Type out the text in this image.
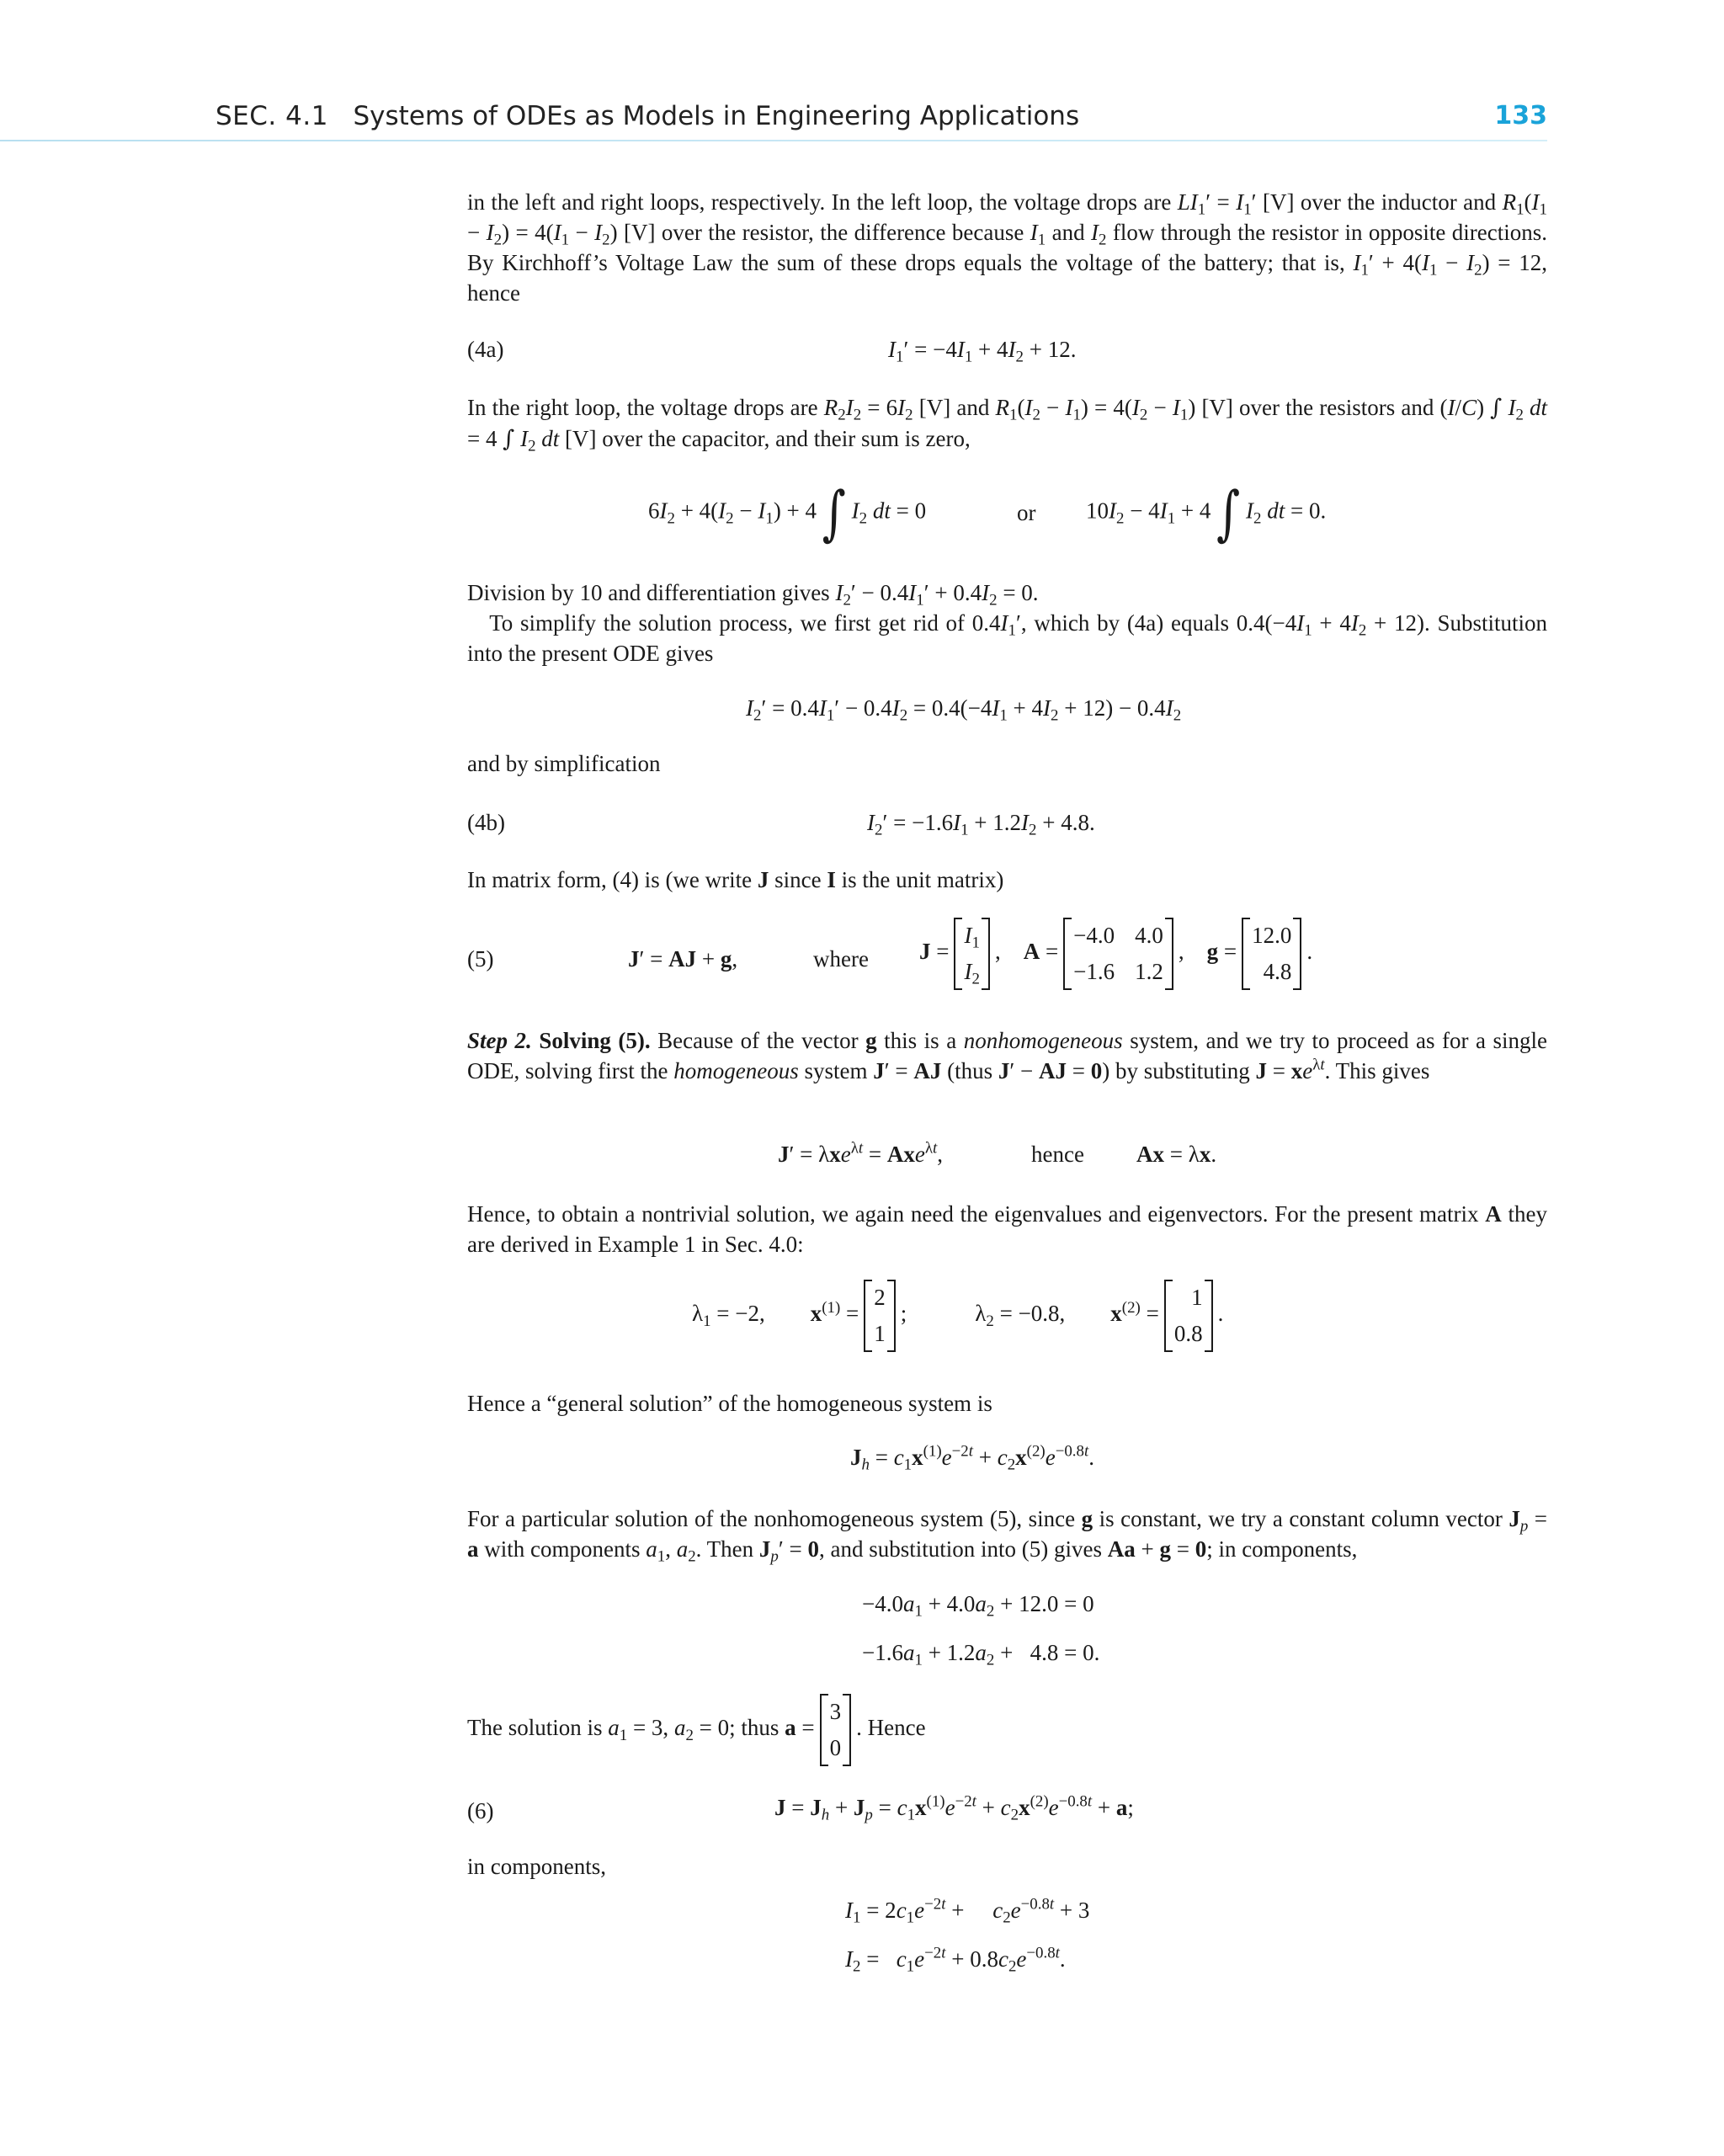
SEC. 4.1 Systems of ODEs as Models in Engineering Applications	133
in the left and right loops, respectively. In the left loop, the voltage drops are $LI_1' = I_1'$ [V] over the inductor and $R_1(I_1 - I_2) = 4(I_1 - I_2)$ [V] over the resistor, the difference because $I_1$ and $I_2$ flow through the resistor in opposite directions. By Kirchhoff’s Voltage Law the sum of these drops equals the voltage of the battery; that is, $I_1' + 4(I_1 - I_2) = 12$, hence
(4a)	$I_1' = -4I_1 + 4I_2 + 12$.
In the right loop, the voltage drops are $R_2I_2 = 6I_2$ [V] and $R_1(I_2 - I_1) = 4(I_2 - I_1)$ [V] over the resistors and (I/C) ∫ $I_2$ dt = 4 ∫ $I_2$ dt [V] over the capacitor, and their sum is zero,
$6I_2 + 4(I_2 - I_1) + 4$ ∫ $I_2$ dt = 0	or $10I_2 - 4I_1 + 4$ ∫ $I_2$ dt = 0.
Division by 10 and differentiation gives $I_2' - 0.4I_1' + 0.4I_2 = 0$.
To simplify the solution process, we first get rid of $0.4I_1'$, which by (4a) equals $0.4(-4I_1 + 4I_2 + 12)$. Substitution into the present ODE gives
$I_2' = 0.4I_1' - 0.4I_2 = 0.4(-4I_1 + 4I_2 + 12) - 0.4I_2$
and by simplification
(4b)	$I_2' = -1.6I_1 + 1.2I_2 + 4.8$.
In matrix form, (4) is (we write J since I is the unit matrix)
(5)	J′ = AJ + g,	where J =
$I_1$
$I_2$
,    A =
−4.0	4.0
−1.6	1.2
,    g =
12.0
4.8
.
Step 2. Solving (5). Because of the vector g this is a nonhomogeneous system, and we try to proceed as for a single ODE, solving first the homogeneous system J′ = AJ (thus J′ − AJ = 0) by substituting $J = xe^{\lambda t}$. This gives
J′ = λxe$^{\lambda t}$ = Axe$^{\lambda t}$,	hence Ax = λx.
Hence, to obtain a nontrivial solution, we again need the eigenvalues and eigenvectors. For the present matrix A they are derived in Example 1 in Sec. 4.0:
$\lambda_1 = -2$,        $x^{(1)}$ =
2
1
;            $\lambda_2 = -0.8$,        $x^{(2)}$ =
1
0.8
.
Hence a “general solution” of the homogeneous system is
$J_h = c_1x^{(1)}e^{-2t} + c_2x^{(2)}e^{-0.8t}$.
For a particular solution of the nonhomogeneous system (5), since g is constant, we try a constant column vector $J_p = a$ with components $a_1$, $a_2$. Then $J_p' = 0$, and substitution into (5) gives Aa + g = 0; in components,
$-4.0a_1 + 4.0a_2 + 12.0 = 0$
$-1.6a_1 + 1.2a_2 + 4.8 = 0$.
The solution is $a_1 = 3$, $a_2 = 0$; thus a =
3
0
. Hence
(6)	$J = J_h + J_p = c_1x^{(1)}e^{-2t} + c_2x^{(2)}e^{-0.8t} + a$;
in components,
$I_1 = 2c_1e^{-2t}$ +     $c_2e^{-0.8t} + 3$
$I_2 = c_1e^{-2t} + 0.8c_2e^{-0.8t}$.
